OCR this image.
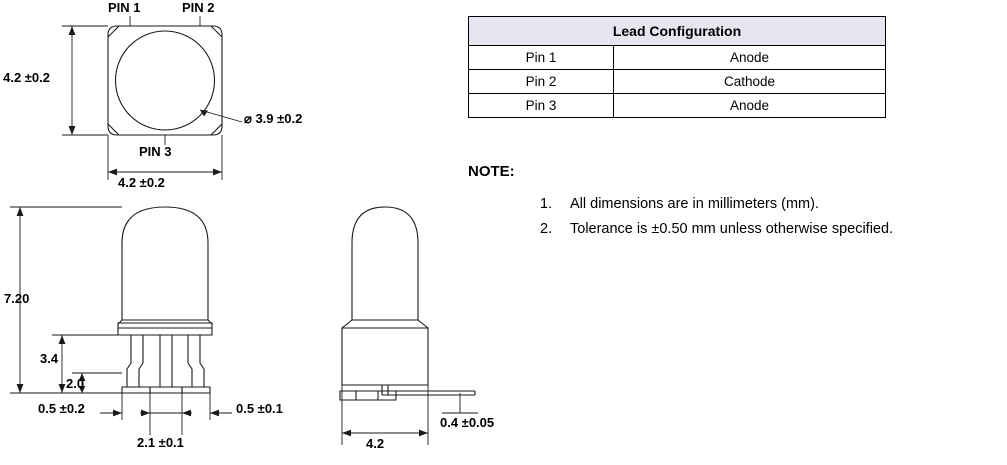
PIN 1	PIN 2
PIN 3
4.2 ±0.2
4.2 ±0.2
⌀ 3.9 ±0.2
7.20
3.4
2.0
0.5 ±0.2	0.5 ±0.1
2.1 ±0.1	4.2
0.4 ±0.05
Lead Configuration	
Pin 1	Anode
Pin 2	Cathode
Pin 3	Anode
NOTE:
1. All dimensions are in millimeters (mm).
2. Tolerance is ±0.50 mm unless otherwise specified.
